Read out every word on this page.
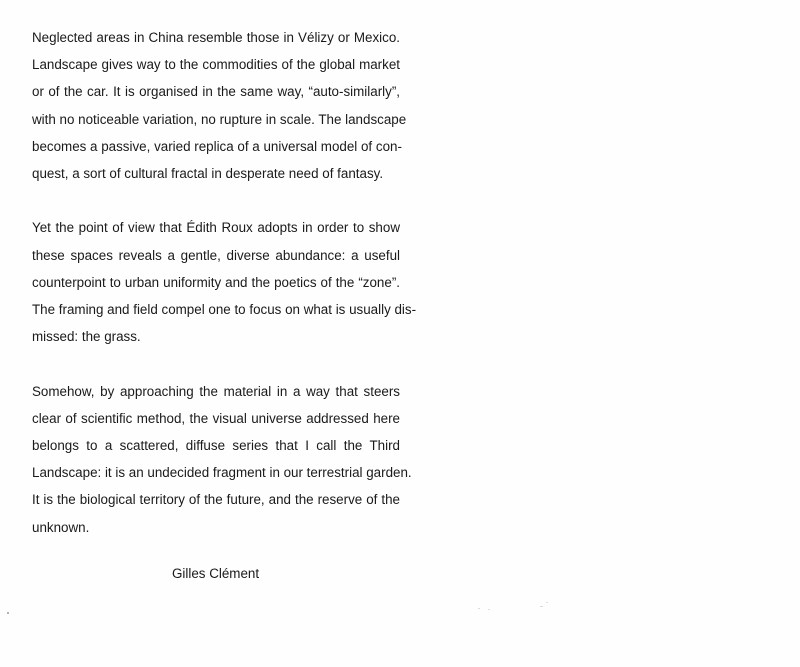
Neglected areas in China resemble those in Vélizy or Mexico.
Landscape gives way to the commodities of the global market
or of the car. It is organised in the same way, “auto-similarly”,
with no noticeable variation, no rupture in scale. The landscape
becomes a passive, varied replica of a universal model of con-
quest, a sort of cultural fractal in desperate need of fantasy.

Yet the point of view that Édith Roux adopts in order to show
these spaces reveals a gentle, diverse abundance: a useful
counterpoint to urban uniformity and the poetics of the “zone”.
The framing and field compel one to focus on what is usually dis-
missed: the grass.

Somehow, by approaching the material in a way that steers
clear of scientific method, the visual universe addressed here
belongs to a scattered, diffuse series that I call the Third
Landscape: it is an undecided fragment in our terrestrial garden.
It is the biological territory of the future, and the reserve of the
unknown.

Gilles Clément
